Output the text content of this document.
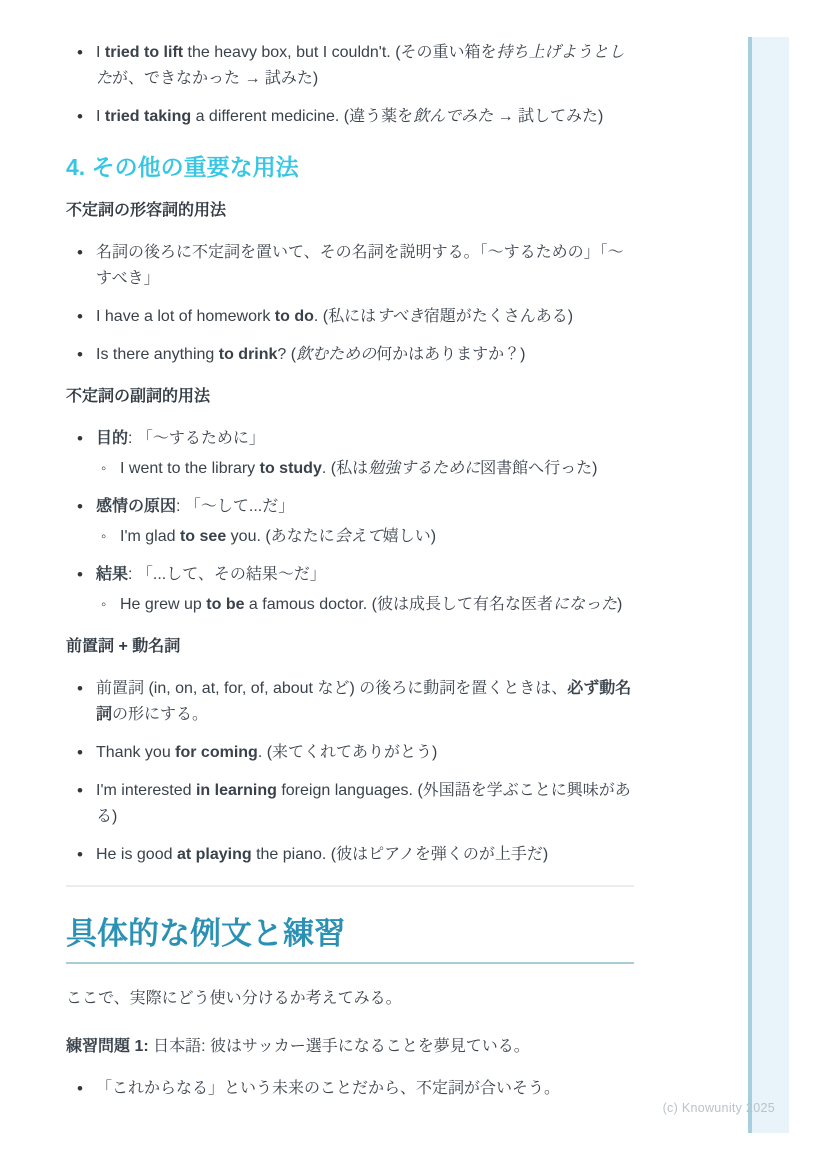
• I tried to lift the heavy box, but I couldn't. (その重い箱を持ち上げようとしたが、できなかった → 試みた)
• I tried taking a different medicine. (違う薬を飲んでみた → 試してみた)
4. その他の重要な用法

不定詞の形容詞的用法

• 名詞の後ろに不定詞を置いて、その名詞を説明する。「〜するための」「〜すべき」
• I have a lot of homework to do. (私にはすべき宿題がたくさんある)
• Is there anything to drink? (飲むための何かはありますか？)

不定詞の副詞的用法

• 目的: 「〜するために」
◦ I went to the library to study. (私は勉強するために図書館へ行った)
• 感情の原因: 「〜して...だ」
◦ I'm glad to see you. (あなたに会えて嬉しい)
• 結果: 「...して、その結果〜だ」
◦ He grew up to be a famous doctor. (彼は成長して有名な医者になった)

前置詞 + 動名詞

• 前置詞 (in, on, at, for, of, about など) の後ろに動詞を置くときは、必ず動名詞の形にする。
• Thank you for coming. (来てくれてありがとう)
• I'm interested in learning foreign languages. (外国語を学ぶことに興味がある)
• He is good at playing the piano. (彼はピアノを弾くのが上手だ)
具体的な例文と練習

ここで、実際にどう使い分けるか考えてみる。

練習問題 1: 日本語: 彼はサッカー選手になることを夢見ている。

• 「これからなる」という未来のことだから、不定詞が合いそう。
(c) Knowunity 2025
